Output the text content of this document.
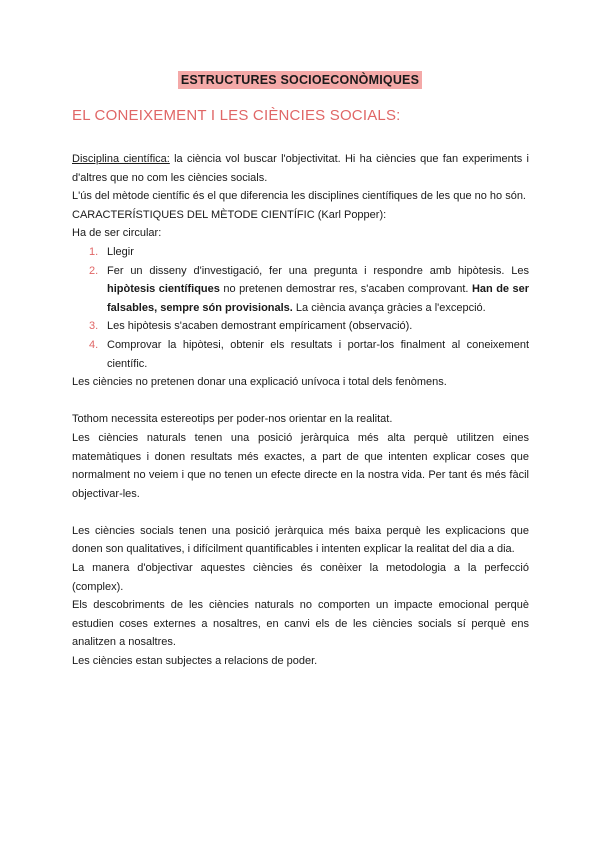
ESTRUCTURES SOCIOECONÒMIQUES
EL CONEIXEMENT I LES CIÈNCIES SOCIALS:

Disciplina científica: la ciència vol buscar l'objectivitat. Hi ha ciències que fan experiments i d'altres que no com les ciències socials.

L'ús del mètode científic és el que diferencia les disciplines científiques de les que no ho són.

CARACTERÍSTIQUES DEL MÈTODE CIENTÍFIC (Karl Popper):

Ha de ser circular:

1. Llegir
2. Fer un disseny d'investigació, fer una pregunta i respondre amb hipòtesis. Les hipòtesis científiques no pretenen demostrar res, s'acaben comprovant. Han de ser falsables, sempre són provisionals. La ciència avança gràcies a l'excepció.
3. Les hipòtesis s'acaben demostrant empíricament (observació).
4. Comprovar la hipòtesi, obtenir els resultats i portar-los finalment al coneixement científic.

Les ciències no pretenen donar una explicació unívoca i total dels fenòmens.

Tothom necessita estereotips per poder-nos orientar en la realitat.

Les ciències naturals tenen una posició jeràrquica més alta perquè utilitzen eines matemàtiques i donen resultats més exactes, a part de que intenten explicar coses que normalment no veiem i que no tenen un efecte directe en la nostra vida. Per tant és més fàcil objectivar-les.

Les ciències socials tenen una posició jeràrquica més baixa perquè les explicacions que donen son qualitatives, i difícilment quantificables i intenten explicar la realitat del dia a dia.

La manera d'objectivar aquestes ciències és conèixer la metodologia a la perfecció (complex).

Els descobriments de les ciències naturals no comporten un impacte emocional perquè estudien coses externes a nosaltres, en canvi els de les ciències socials sí perquè ens analitzen a nosaltres.

Les ciències estan subjectes a relacions de poder.
